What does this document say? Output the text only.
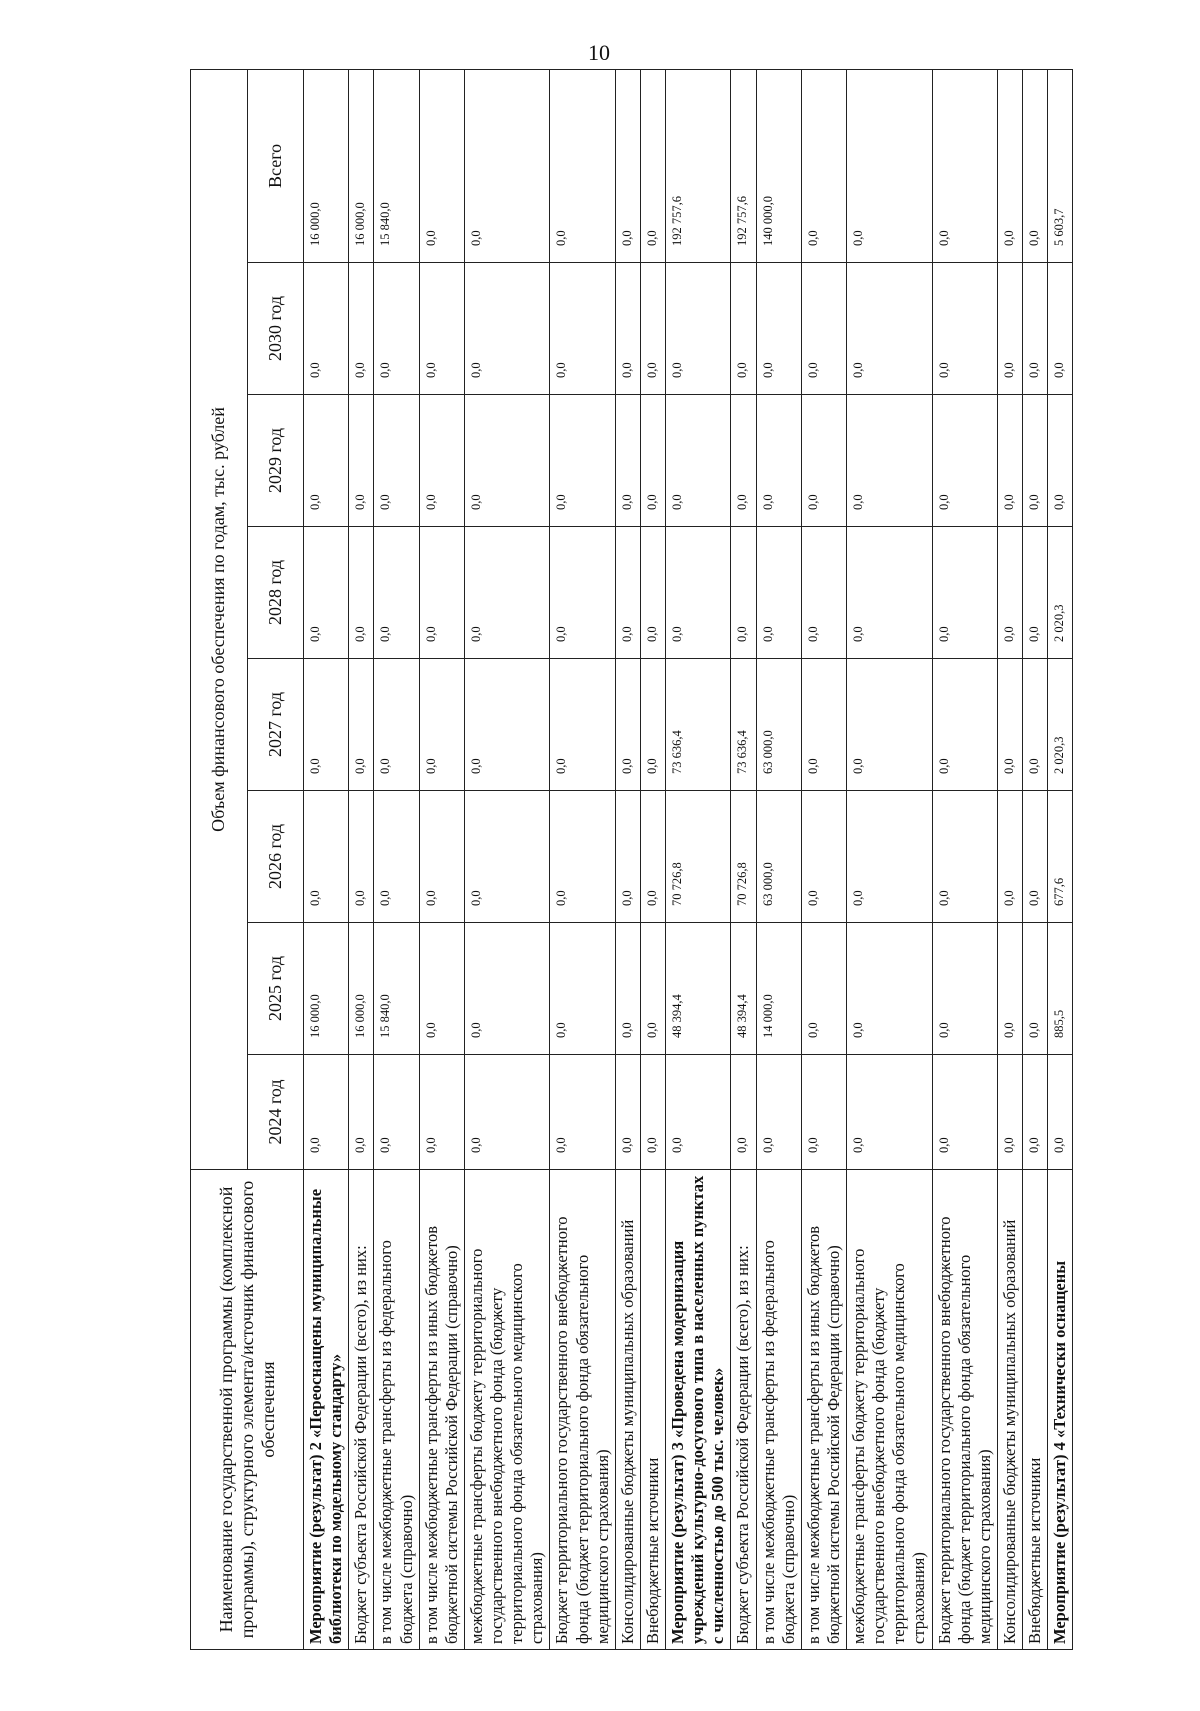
10
Наименование государственной программы (комплексной программы), структурного элемента/источник финансового обеспечения	Объем финансового обеспечения по годам, тыс. рублей							
	2024 год	2025 год	2026 год	2027 год	2028 год	2029 год	2030 год	Всего
Мероприятие (результат) 2 «Переоснащены муниципальные библиотеки по модельному стандарту»	0,0	16 000,0	0,0	0,0	0,0	0,0	0,0	16 000,0
Бюджет субъекта Российской Федерации (всего), из них:	0,0	16 000,0	0,0	0,0	0,0	0,0	0,0	16 000,0
в том числе межбюджетные трансферты из федерального бюджета (справочно)	0,0	15 840,0	0,0	0,0	0,0	0,0	0,0	15 840,0
в том числе межбюджетные трансферты из иных бюджетов бюджетной системы Российской Федерации (справочно)	0,0	0,0	0,0	0,0	0,0	0,0	0,0	0,0
межбюджетные трансферты бюджету территориального государственного внебюджетного фонда (бюджету территориального фонда обязательного медицинского страхования)	0,0	0,0	0,0	0,0	0,0	0,0	0,0	0,0
Бюджет территориального государственного внебюджетного фонда (бюджет территориального фонда обязательного медицинского страхования)	0,0	0,0	0,0	0,0	0,0	0,0	0,0	0,0
Консолидированные бюджеты муниципальных образований	0,0	0,0	0,0	0,0	0,0	0,0	0,0	0,0
Внебюджетные источники	0,0	0,0	0,0	0,0	0,0	0,0	0,0	0,0
Мероприятие (результат) 3 «Проведена модернизация учреждений культурно-досугового типа в населенных пунктах с численностью до 500 тыс. человек»	0,0	48 394,4	70 726,8	73 636,4	0,0	0,0	0,0	192 757,6
Бюджет субъекта Российской Федерации (всего), из них:	0,0	48 394,4	70 726,8	73 636,4	0,0	0,0	0,0	192 757,6
в том числе межбюджетные трансферты из федерального бюджета (справочно)	0,0	14 000,0	63 000,0	63 000,0	0,0	0,0	0,0	140 000,0
в том числе межбюджетные трансферты из иных бюджетов бюджетной системы Российской Федерации (справочно)	0,0	0,0	0,0	0,0	0,0	0,0	0,0	0,0
межбюджетные трансферты бюджету территориального государственного внебюджетного фонда (бюджету территориального фонда обязательного медицинского страхования)	0,0	0,0	0,0	0,0	0,0	0,0	0,0	0,0
Бюджет территориального государственного внебюджетного фонда (бюджет территориального фонда обязательного медицинского страхования)	0,0	0,0	0,0	0,0	0,0	0,0	0,0	0,0
Консолидированные бюджеты муниципальных образований	0,0	0,0	0,0	0,0	0,0	0,0	0,0	0,0
Внебюджетные источники	0,0	0,0	0,0	0,0	0,0	0,0	0,0	0,0
Мероприятие (результат) 4 «Технически оснащены	0,0	885,5	677,6	2 020,3	2 020,3	0,0	0,0	5 603,7
